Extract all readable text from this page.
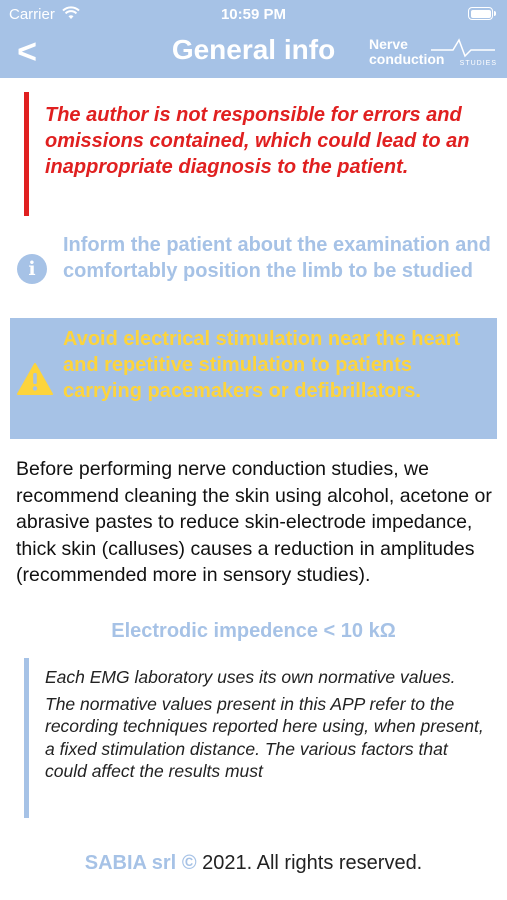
Carrier	10:59 PM
<	General info	Nerve
conduction STUDIES
The author is not responsible for errors and omissions contained, which could lead to an inappropriate diagnosis to the patient.
i
Inform the patient about the examination and comfortably position the limb to be studied
Avoid electrical stimulation near the heart and repetitive stimulation to patients carrying pacemakers or defibrillators.
Before performing nerve conduction studies, we recommend cleaning the skin using alcohol, acetone or abrasive pastes to reduce skin-electrode impedance, thick skin (calluses) causes a reduction in amplitudes (recommended more in sensory studies).
Electrodic impedence < 10 kΩ

Each EMG laboratory uses its own normative values.

The normative values present in this APP refer to the recording techniques reported here using, when present, a fixed stimulation distance. The various factors that could affect the results must

SABIA srl © 2021. All rights reserved.
